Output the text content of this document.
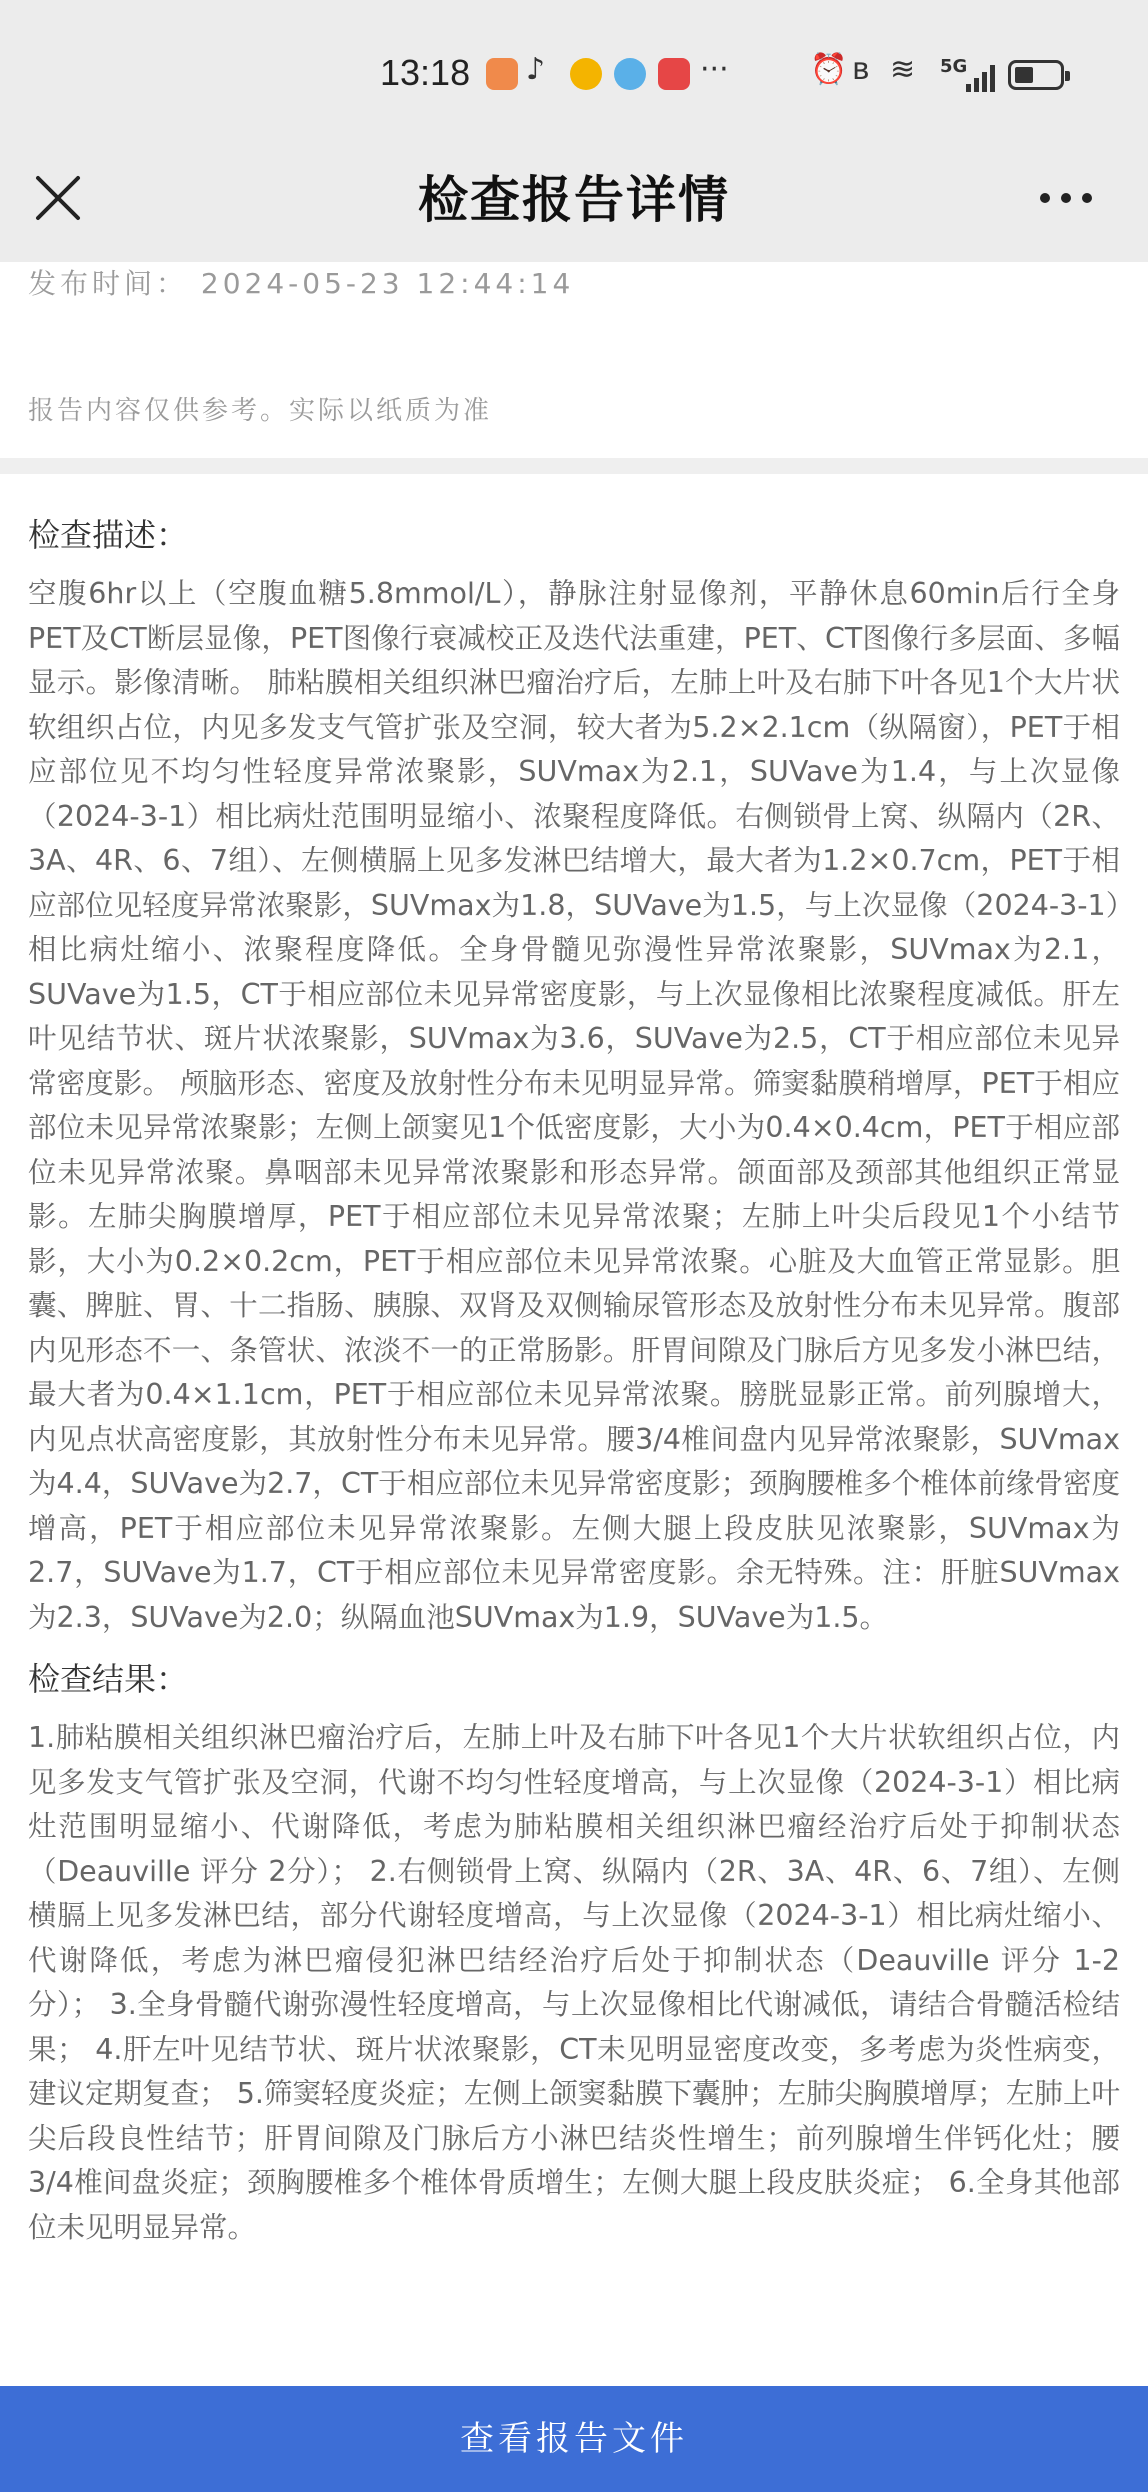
13:18 ♪	···	⏰ ʙ ≋ 5G
检查报告详情
发布时间： 2024-05-23 12:44:14
报告内容仅供参考。实际以纸质为准
检查描述：
空腹6hr以上（空腹血糖5.8mmol/L），静脉注射显像剂，平静休息60min后行全身PET及CT断层显像，PET图像行衰减校正及迭代法重建，PET、CT图像行多层面、多幅显示。影像清晰。 肺粘膜相关组织淋巴瘤治疗后，左肺上叶及右肺下叶各见1个大片状软组织占位，内见多发支气管扩张及空洞，较大者为5.2×2.1cm（纵隔窗），PET于相应部位见不均匀性轻度异常浓聚影，SUVmax为2.1，SUVave为1.4，与上次显像（2024-3-1）相比病灶范围明显缩小、浓聚程度降低。右侧锁骨上窝、纵隔内（2R、3A、4R、6、7组）、左侧横膈上见多发淋巴结增大，最大者为1.2×0.7cm，PET于相应部位见轻度异常浓聚影，SUVmax为1.8，SUVave为1.5，与上次显像（2024-3-1）相比病灶缩小、浓聚程度降低。全身骨髓见弥漫性异常浓聚影，SUVmax为2.1，SUVave为1.5，CT于相应部位未见异常密度影，与上次显像相比浓聚程度减低。肝左叶见结节状、斑片状浓聚影，SUVmax为3.6，SUVave为2.5，CT于相应部位未见异常密度影。 颅脑形态、密度及放射性分布未见明显异常。筛窦黏膜稍增厚，PET于相应部位未见异常浓聚影；左侧上颌窦见1个低密度影，大小为0.4×0.4cm，PET于相应部位未见异常浓聚。鼻咽部未见异常浓聚影和形态异常。颌面部及颈部其他组织正常显影。左肺尖胸膜增厚，PET于相应部位未见异常浓聚；左肺上叶尖后段见1个小结节影，大小为0.2×0.2cm，PET于相应部位未见异常浓聚。心脏及大血管正常显影。胆囊、脾脏、胃、十二指肠、胰腺、双肾及双侧输尿管形态及放射性分布未见异常。腹部内见形态不一、条管状、浓淡不一的正常肠影。肝胃间隙及门脉后方见多发小淋巴结，最大者为0.4×1.1cm，PET于相应部位未见异常浓聚。膀胱显影正常。前列腺增大，内见点状高密度影，其放射性分布未见异常。腰3/4椎间盘内见异常浓聚影，SUVmax为4.4，SUVave为2.7，CT于相应部位未见异常密度影；颈胸腰椎多个椎体前缘骨密度增高，PET于相应部位未见异常浓聚影。左侧大腿上段皮肤见浓聚影，SUVmax为2.7，SUVave为1.7，CT于相应部位未见异常密度影。余无特殊。注：肝脏SUVmax为2.3，SUVave为2.0；纵隔血池SUVmax为1.9，SUVave为1.5。
检查结果：
1.肺粘膜相关组织淋巴瘤治疗后，左肺上叶及右肺下叶各见1个大片状软组织占位，内见多发支气管扩张及空洞，代谢不均匀性轻度增高，与上次显像（2024-3-1）相比病灶范围明显缩小、代谢降低，考虑为肺粘膜相关组织淋巴瘤经治疗后处于抑制状态（Deauville 评分 2分）； 2.右侧锁骨上窝、纵隔内（2R、3A、4R、6、7组）、左侧横膈上见多发淋巴结，部分代谢轻度增高，与上次显像（2024-3-1）相比病灶缩小、代谢降低，考虑为淋巴瘤侵犯淋巴结经治疗后处于抑制状态（Deauville 评分 1-2分）； 3.全身骨髓代谢弥漫性轻度增高，与上次显像相比代谢减低，请结合骨髓活检结果； 4.肝左叶见结节状、斑片状浓聚影，CT未见明显密度改变，多考虑为炎性病变，建议定期复查； 5.筛窦轻度炎症；左侧上颌窦黏膜下囊肿；左肺尖胸膜增厚；左肺上叶尖后段良性结节；肝胃间隙及门脉后方小淋巴结炎性增生；前列腺增生伴钙化灶；腰3/4椎间盘炎症；颈胸腰椎多个椎体骨质增生；左侧大腿上段皮肤炎症； 6.全身其他部位未见明显异常。
查看报告文件
